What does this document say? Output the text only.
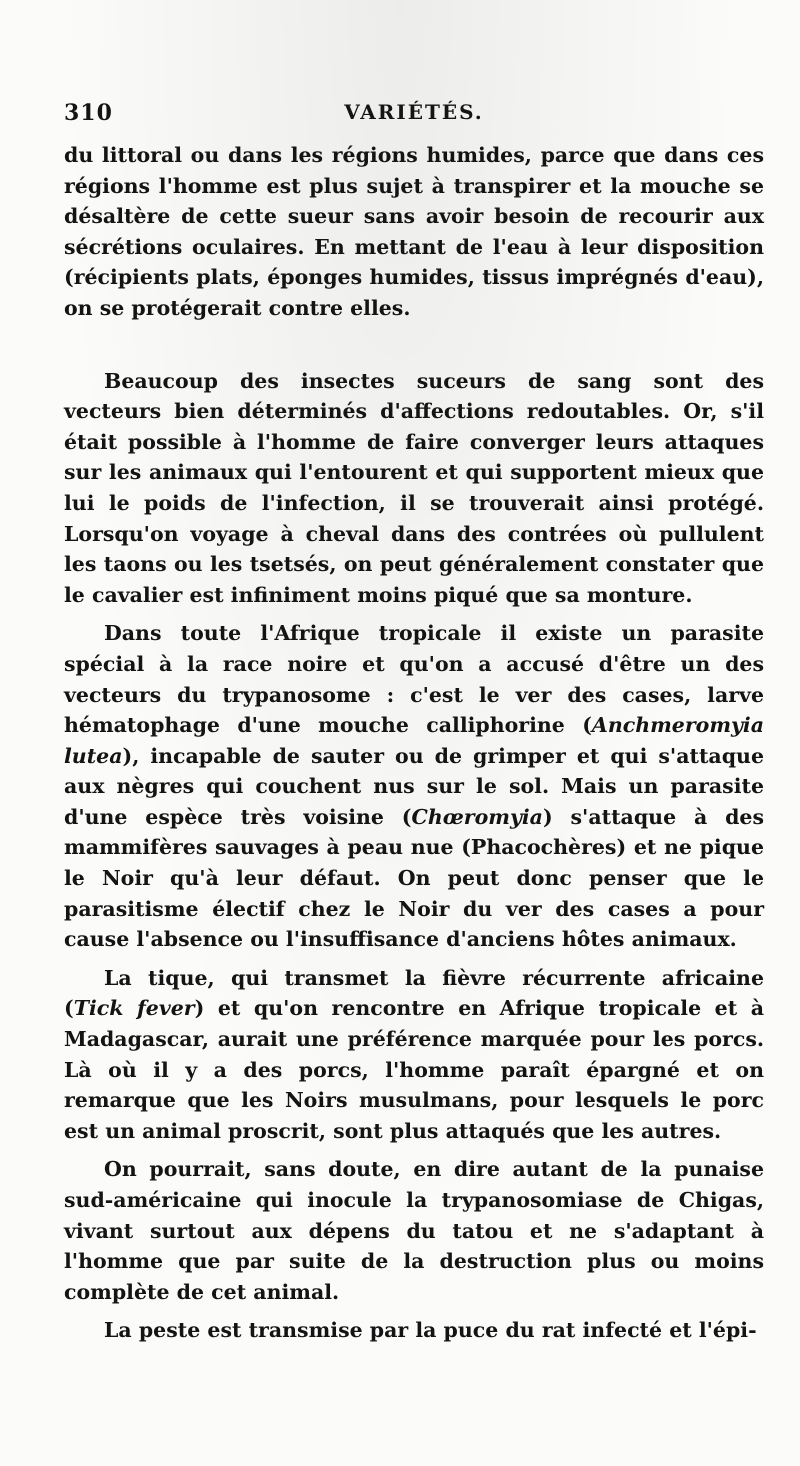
310	VARIÉTÉS.

du littoral ou dans les régions humides, parce que dans ces régions l'homme est plus sujet à transpirer et la mouche se désaltère de cette sueur sans avoir besoin de recourir aux sécrétions oculaires. En mettant de l'eau à leur disposition (récipients plats, éponges humides, tissus imprégnés d'eau), on se protégerait contre elles.

Beaucoup des insectes suceurs de sang sont des vecteurs bien déterminés d'affections redoutables. Or, s'il était possible à l'homme de faire converger leurs attaques sur les animaux qui l'entourent et qui supportent mieux que lui le poids de l'infection, il se trouverait ainsi protégé. Lorsqu'on voyage à cheval dans des contrées où pullulent les taons ou les tsetsés, on peut généralement constater que le cavalier est infiniment moins piqué que sa monture.

Dans toute l'Afrique tropicale il existe un parasite spécial à la race noire et qu'on a accusé d'être un des vecteurs du trypanosome : c'est le ver des cases, larve hématophage d'une mouche calliphorine (Anchmeromyia lutea), incapable de sauter ou de grimper et qui s'attaque aux nègres qui couchent nus sur le sol. Mais un parasite d'une espèce très voisine (Chœromyia) s'attaque à des mammifères sauvages à peau nue (Phacochères) et ne pique le Noir qu'à leur défaut. On peut donc penser que le parasitisme électif chez le Noir du ver des cases a pour cause l'absence ou l'insuffisance d'anciens hôtes animaux.

La tique, qui transmet la fièvre récurrente africaine (Tick fever) et qu'on rencontre en Afrique tropicale et à Madagascar, aurait une préférence marquée pour les porcs. Là où il y a des porcs, l'homme paraît épargné et on remarque que les Noirs musulmans, pour lesquels le porc est un animal proscrit, sont plus attaqués que les autres.

On pourrait, sans doute, en dire autant de la punaise sud-américaine qui inocule la trypanosomiase de Chigas, vivant surtout aux dépens du tatou et ne s'adaptant à l'homme que par suite de la destruction plus ou moins complète de cet animal.

La peste est transmise par la puce du rat infecté et l'épi-
